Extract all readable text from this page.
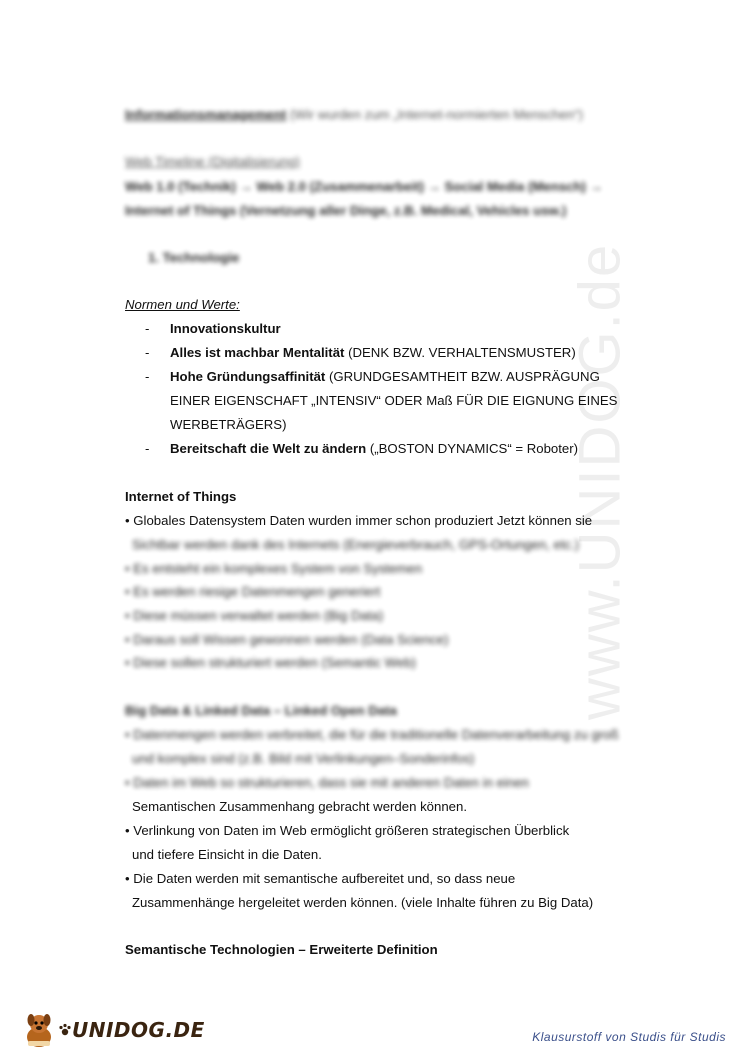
www.UNIDOG.de
Informationsmanagement (Wir wurden zum „Internet-normierten Menschen“)
Web Timeline (Digitalisierung)
Web 1.0 (Technik) → Web 2.0 (Zusammenarbeit) → Social Media (Mensch) →
Internet of Things (Vernetzung aller Dinge, z.B. Medical, Vehicles usw.)
1. Technologie
Normen und Werte:
- Innovationskultur
- Alles ist machbar Mentalität (DENK BZW. VERHALTENSMUSTER)
- Hohe Gründungsaffinität (GRUNDGESAMTHEIT BZW. AUSPRÄGUNG
EINER EIGENSCHAFT „INTENSIV“ ODER Maß FÜR DIE EIGNUNG EINES
WERBETRÄGERS)
- Bereitschaft die Welt zu ändern („BOSTON DYNAMICS“ = Roboter)
Internet of Things
• Globales Datensystem Daten wurden immer schon produziert Jetzt können sie
Sichtbar werden dank des Internets (Energieverbrauch, GPS-Ortungen, etc.)
• Es entsteht ein komplexes System von Systemen
• Es werden riesige Datenmengen generiert
• Diese müssen verwaltet werden (Big Data)
• Daraus soll Wissen gewonnen werden (Data Science)
• Diese sollen strukturiert werden (Semantic Web)
Big Data & Linked Data – Linked Open Data
• Datenmengen werden verbreitet, die für die traditionelle Datenverarbeitung zu groß
und komplex sind (z.B. Bild mit Verlinkungen–Sonderinfos)
• Daten im Web so strukturieren, dass sie mit anderen Daten in einen
Semantischen Zusammenhang gebracht werden können.
• Verlinkung von Daten im Web ermöglicht größeren strategischen Überblick
und tiefere Einsicht in die Daten.
• Die Daten werden mit semantische aufbereitet und, so dass neue
Zusammenhänge hergeleitet werden können. (viele Inhalte führen zu Big Data)
Semantische Technologien – Erweiterte Definition
UNIDOG.DE	Klausurstoff von Studis für Studis
